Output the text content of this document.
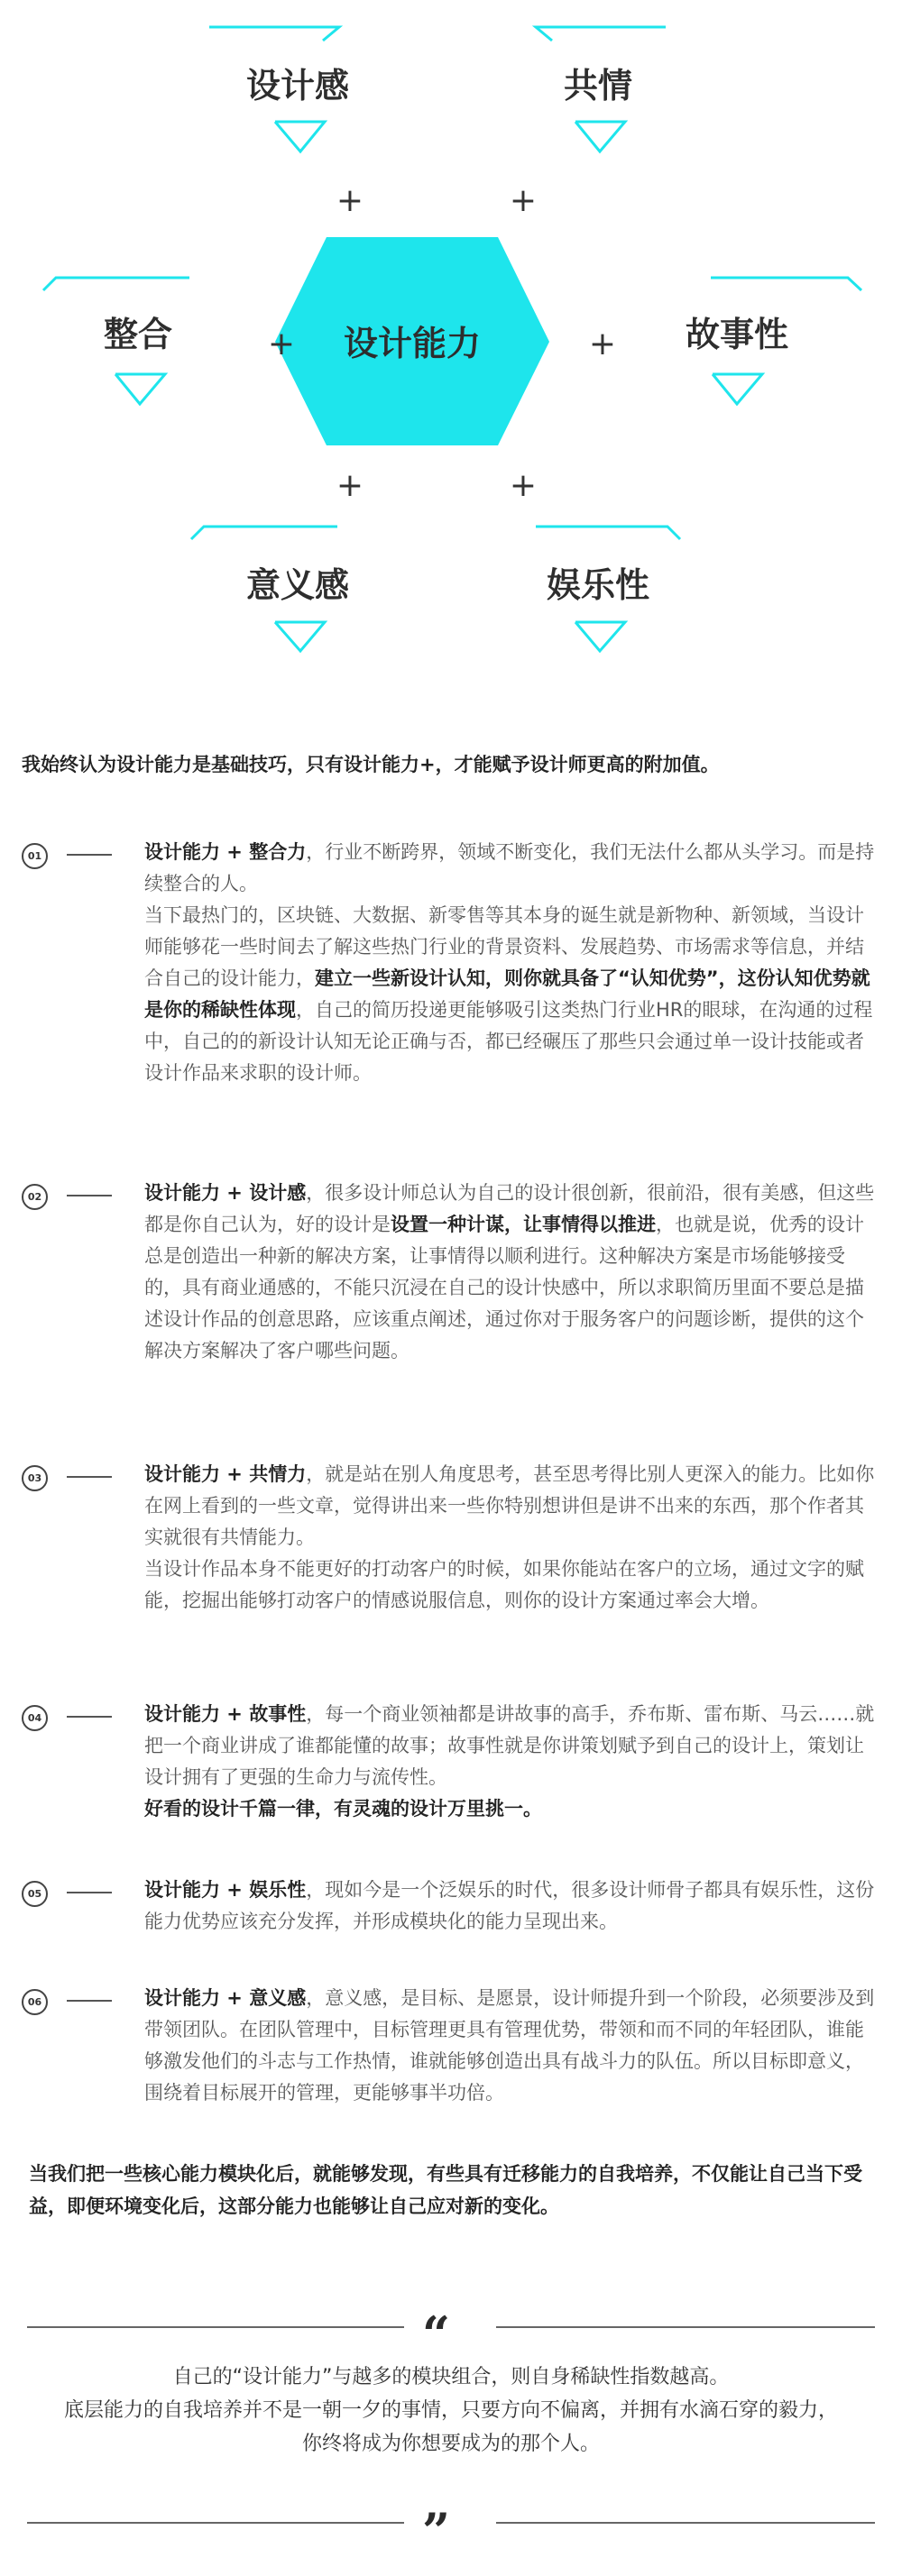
设计感	共情
整合	故事性
意义感	娱乐性
设计能力
+	+
+	+
+	+

我始终认为设计能力是基础技巧，只有设计能力+，才能赋予设计师更高的附加值。

01	设计能力 + 整合力，行业不断跨界，领域不断变化，我们无法什么都从头学习。而是持续整合的人。
当下最热门的，区块链、大数据、新零售等其本身的诞生就是新物种、新领域，当设计师能够花一些时间去了解这些热门行业的背景资料、发展趋势、市场需求等信息，并结合自己的设计能力，建立一些新设计认知，则你就具备了“认知优势”，这份认知优势就是你的稀缺性体现，自己的简历投递更能够吸引这类热门行业HR的眼球，在沟通的过程中，自己的的新设计认知无论正确与否，都已经碾压了那些只会通过单一设计技能或者设计作品来求职的设计师。

02	设计能力 + 设计感，很多设计师总认为自己的设计很创新，很前沿，很有美感，但这些都是你自己认为，好的设计是设置一种计谋，让事情得以推进，也就是说，优秀的设计总是创造出一种新的解决方案，让事情得以顺利进行。这种解决方案是市场能够接受的，具有商业通感的，不能只沉浸在自己的设计快感中，所以求职简历里面不要总是描述设计作品的创意思路，应该重点阐述，通过你对于服务客户的问题诊断，提供的这个解决方案解决了客户哪些问题。

03	设计能力 + 共情力，就是站在别人角度思考，甚至思考得比别人更深入的能力。比如你在网上看到的一些文章，觉得讲出来一些你特别想讲但是讲不出来的东西，那个作者其实就很有共情能力。
当设计作品本身不能更好的打动客户的时候，如果你能站在客户的立场，通过文字的赋能，挖掘出能够打动客户的情感说服信息，则你的设计方案通过率会大增。

04	设计能力 + 故事性，每一个商业领袖都是讲故事的高手，乔布斯、雷布斯、马云……就把一个商业讲成了谁都能懂的故事；故事性就是你讲策划赋予到自己的设计上，策划让设计拥有了更强的生命力与流传性。
好看的设计千篇一律，有灵魂的设计万里挑一。

05	设计能力 + 娱乐性，现如今是一个泛娱乐的时代，很多设计师骨子都具有娱乐性，这份能力优势应该充分发挥，并形成模块化的能力呈现出来。

06	设计能力 + 意义感，意义感，是目标、是愿景，设计师提升到一个阶段，必须要涉及到带领团队。在团队管理中，目标管理更具有管理优势，带领和而不同的年轻团队，谁能够激发他们的斗志与工作热情，谁就能够创造出具有战斗力的队伍。所以目标即意义，围绕着目标展开的管理，更能够事半功倍。

当我们把一些核心能力模块化后，就能够发现，有些具有迁移能力的自我培养，不仅能让自己当下受益，即便环境变化后，这部分能力也能够让自己应对新的变化。

“

自己的“设计能力”与越多的模块组合，则自身稀缺性指数越高。

底层能力的自我培养并不是一朝一夕的事情，只要方向不偏离，并拥有水滴石穿的毅力，

你终将成为你想要成为的那个人。

”
